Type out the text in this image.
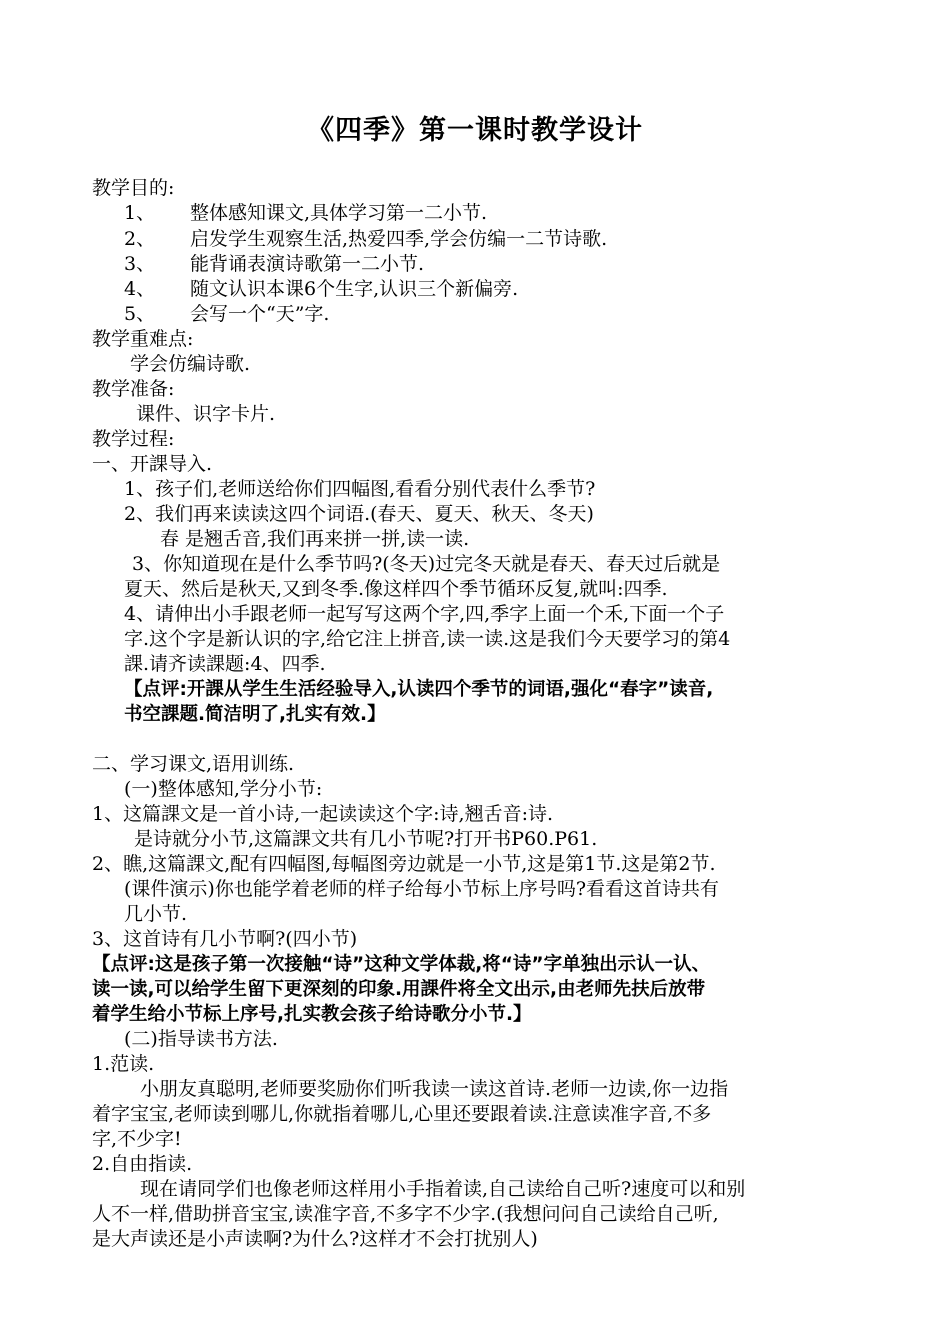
《四季》第一课时教学设计
教学目的:
1、 整体感知课文,具体学习第一二小节.
2、 启发学生观察生活,热爱四季,学会仿编一二节诗歌.
3、 能背诵表演诗歌第一二小节.
4、 随文认识本课6个生字,认识三个新偏旁.
5、 会写一个“天”字.
教学重难点:
学会仿编诗歌.
教学准备:
课件、识字卡片.
教学过程:
一、开課导入.
1、孩子们,老师送给你们四幅图,看看分别代表什么季节?
2、我们再来读读这四个词语.(春天、夏天、秋天、冬天)
春 是翘舌音,我们再来拼一拼,读一读.
3、你知道现在是什么季节吗?(冬天)过完冬天就是春天、春天过后就是
夏天、然后是秋天,又到冬季.像这样四个季节循环反复,就叫:四季.
4、请伸出小手跟老师一起写写这两个字,四,季字上面一个禾,下面一个子
字.这个字是新认识的字,给它注上拼音,读一读.这是我们今天要学习的第4
課.请齐读課题:4、四季.
【点评:开課从学生生活经验导入,认读四个季节的词语,强化“春字”读音,
书空課题.简洁明了,扎实有效.】
二、学习课文,语用训练.
(一)整体感知,学分小节:
1、这篇課文是一首小诗,一起读读这个字:诗,翘舌音:诗.
是诗就分小节,这篇課文共有几小节呢?打开书P60.P61.
2、瞧,这篇課文,配有四幅图,每幅图旁边就是一小节,这是第1节.这是第2节.
(课件演示)你也能学着老师的样子给每小节标上序号吗?看看这首诗共有
几小节.
3、这首诗有几小节啊?(四小节)
【点评:这是孩子第一次接触“诗”这种文学体裁,将“诗”字单独出示认一认、
读一读,可以给学生留下更深刻的印象.用課件将全文出示,由老师先扶后放带
着学生给小节标上序号,扎实教会孩子给诗歌分小节.】
(二)指导读书方法.
1.范读.
小朋友真聪明,老师要奖励你们听我读一读这首诗.老师一边读,你一边指
着字宝宝,老师读到哪儿,你就指着哪儿,心里还要跟着读.注意读准字音,不多
字,不少字!
2.自由指读.
现在请同学们也像老师这样用小手指着读,自己读给自己听?速度可以和别
人不一样,借助拼音宝宝,读准字音,不多字不少字.(我想问问自己读给自己听,
是大声读还是小声读啊?为什么?这样才不会打扰别人)
